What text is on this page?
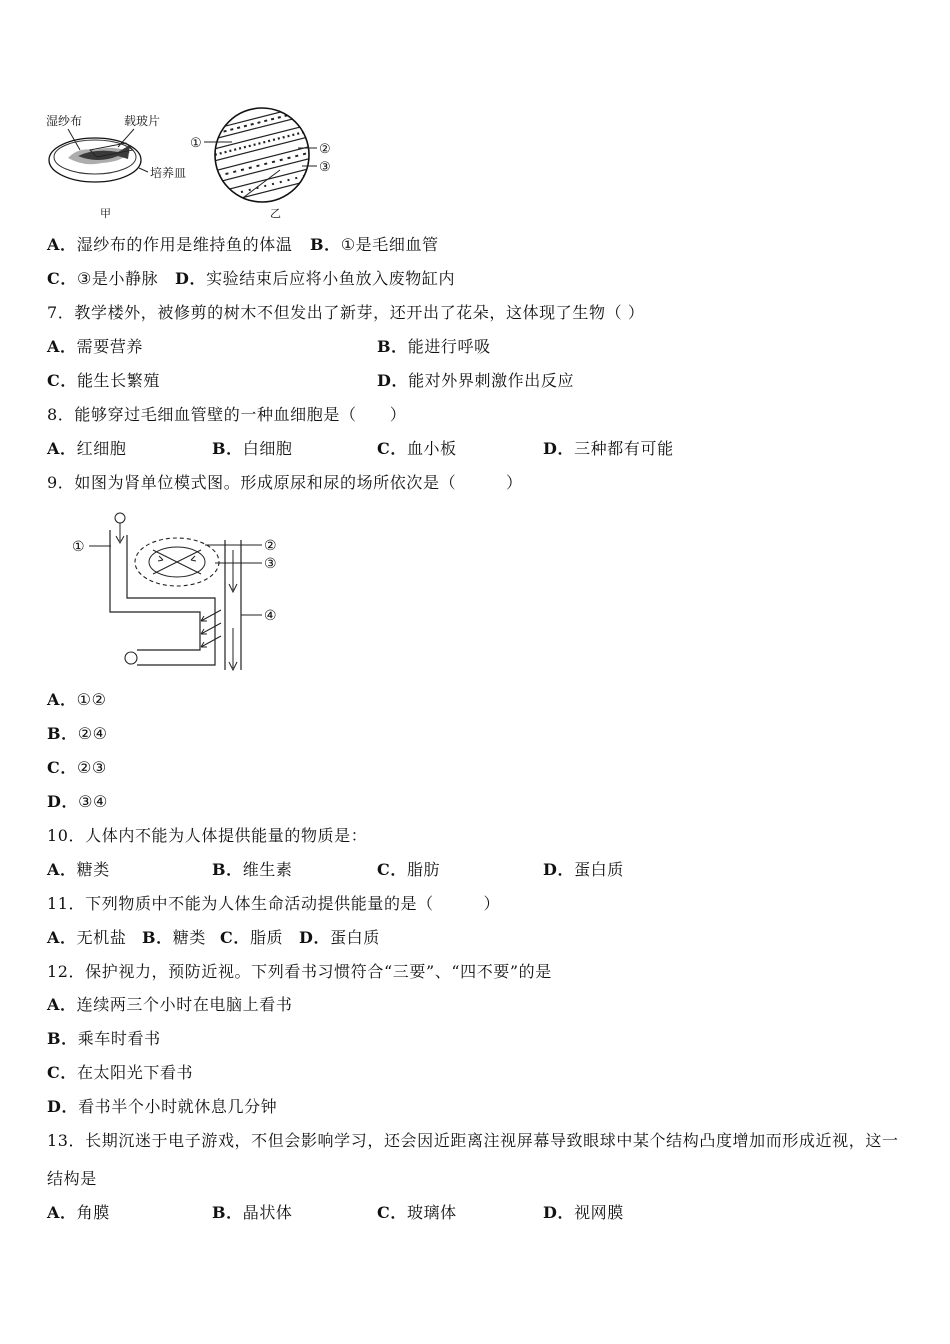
湿纱布	载玻片
培养皿
甲
①	②
③
乙
A．湿纱布的作用是维持鱼的体温 B．①是毛细血管
C．③是小静脉 D．实验结束后应将小鱼放入废物缸内
7．教学楼外，被修剪的树木不但发出了新芽，还开出了花朵，这体现了生物（ ）
A．需要营养	B．能进行呼吸
C．能生长繁殖	D．能对外界刺激作出反应
8．能够穿过毛细血管壁的一种血细胞是（　　）
A．红细胞	B．白细胞	C．血小板	D．三种都有可能
9．如图为肾单位模式图。形成原尿和尿的场所依次是（　　　）
①	②
③
④
A．①②
B．②④
C．②③
D．③④
10．人体内不能为人体提供能量的物质是：
A．糖类	B．维生素	C．脂肪	D．蛋白质
11．下列物质中不能为人体生命活动提供能量的是（　　　）
A．无机盐 B．糖类 C．脂质 D．蛋白质
12．保护视力，预防近视。下列看书习惯符合“三要”、“四不要”的是
A．连续两三个小时在电脑上看书
B．乘车时看书
C．在太阳光下看书
D．看书半个小时就休息几分钟
13．长期沉迷于电子游戏，不但会影响学习，还会因近距离注视屏幕导致眼球中某个结构凸度增加而形成近视，这一
结构是
A．角膜	B．晶状体	C．玻璃体	D．视网膜
